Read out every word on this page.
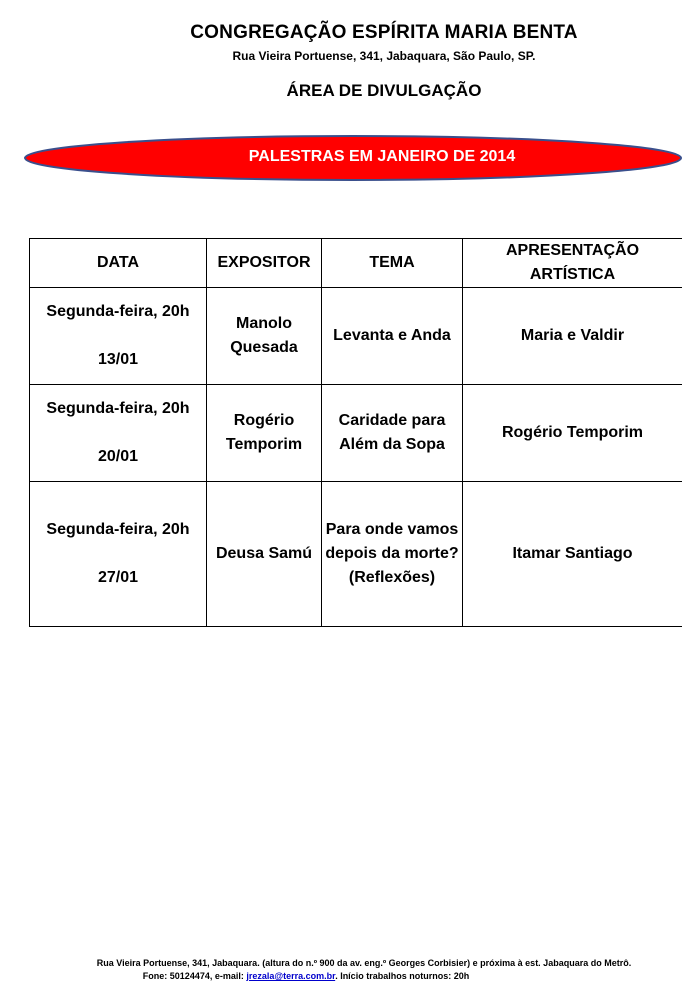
CONGREGAÇÃO ESPÍRITA MARIA BENTA
Rua Vieira Portuense, 341, Jabaquara, São Paulo, SP.
ÁREA DE DIVULGAÇÃO
PALESTRAS EM JANEIRO DE 2014
DATA	EXPOSITOR	TEMA	APRESENTAÇÃO ARTÍSTICA

Segunda-feira, 20h
13/01	Manolo Quesada	Levanta e Anda	Maria e Valdir

Segunda-feira, 20h
20/01	Rogério Temporim	Caridade para Além da Sopa	Rogério Temporim

Segunda-feira, 20h
27/01	Deusa Samú	Para onde vamos depois da morte? (Reflexões)	Itamar Santiago
Rua Vieira Portuense, 341, Jabaquara. (altura do n.º 900 da av. eng.º Georges Corbisier) e próxima à est. Jabaquara do Metrô.
Fone: 50124474, e-mail: jrezala@terra.com.br. Início trabalhos noturnos: 20h
